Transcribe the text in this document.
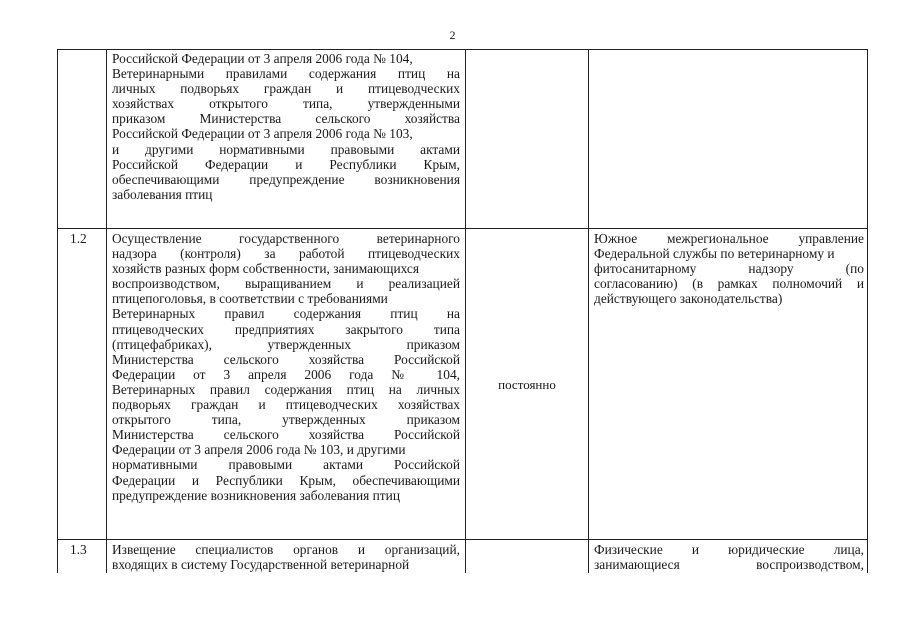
2
Российской Федерации от 3 апреля 2006 года № 104,
Ветеринарными правилами содержания птиц на
личных подворьях граждан и птицеводческих
хозяйствах открытого типа, утвержденными
приказом Министерства сельского хозяйства
Российской Федерации от 3 апреля 2006 года № 103,
и другими нормативными правовыми актами
Российской Федерации и Республики Крым,
обеспечивающими предупреждение возникновения
заболевания птиц
1.2 Осуществление государственного ветеринарного
надзора (контроля) за работой птицеводческих
хозяйств разных форм собственности, занимающихся
воспроизводством, выращиванием и реализацией
птицепоголовья, в соответствии с требованиями
Ветеринарных правил содержания птиц на
птицеводческих предприятиях закрытого типа
(птицефабриках), утвержденных приказом
Министерства сельского хозяйства Российской
Федерации от 3 апреля 2006 года № 104,
Ветеринарных правил содержания птиц на личных
подворьях граждан и птицеводческих хозяйствах
открытого типа, утвержденных приказом
Министерства сельского хозяйства Российской
Федерации от 3 апреля 2006 года № 103, и другими
нормативными правовыми актами Российской
Федерации и Республики Крым, обеспечивающими
предупреждение возникновения заболевания птиц
постоянно
Южное межрегиональное управление
Федеральной службы по ветеринарному и
фитосанитарному надзору (по
согласованию) (в рамках полномочий и
действующего законодательства)
1.3 Извещение специалистов органов и организаций,
входящих в систему Государственной ветеринарной
Физические и юридические лица,
занимающиеся воспроизводством,
